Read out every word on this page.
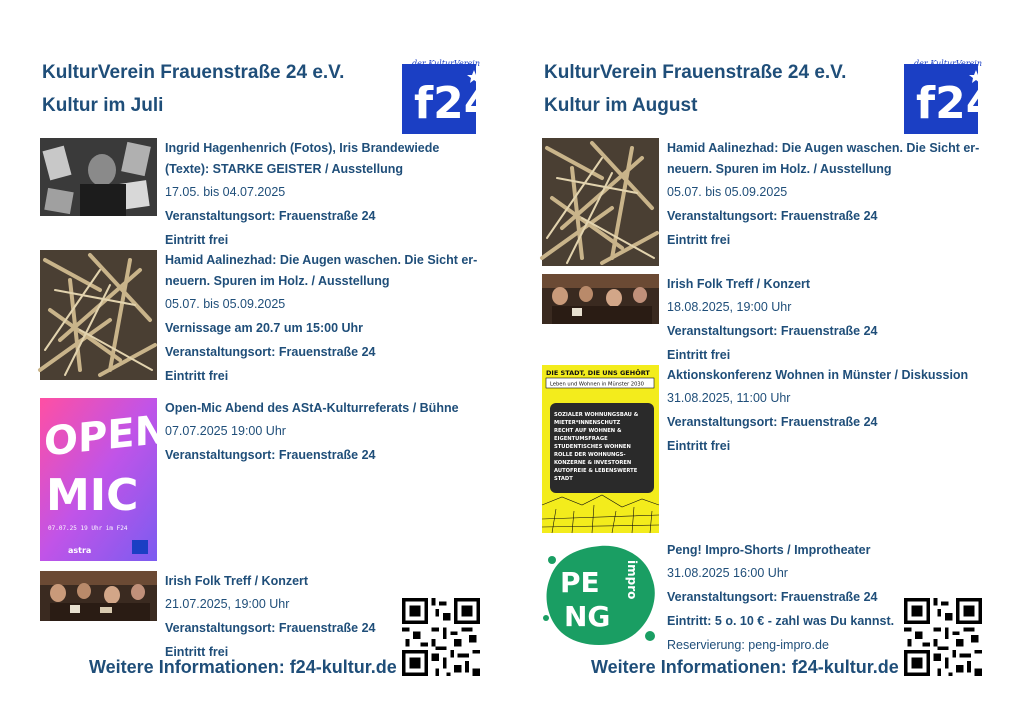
KulturVerein Frauenstraße 24 e.V.
Kultur im Juli
der KulturVerein
f24
Ingrid Hagenhenrich (Fotos), Iris Brandewiede (Texte): STARKE GEISTER / Ausstellung
17.05. bis 04.07.2025
Veranstaltungsort: Frauenstraße 24
Eintritt frei
Hamid Aalinezhad: Die Augen waschen. Die Sicht er-neuern. Spuren im Holz. / Ausstellung
05.07. bis 05.09.2025
Vernissage am 20.7 um 15:00 Uhr
Veranstaltungsort: Frauenstraße 24
Eintritt frei
OPEN
MIC
07.07.25 19 Uhr im F24
astra
Open-Mic Abend des AStA-Kulturreferats / Bühne
07.07.2025 19:00 Uhr
Veranstaltungsort: Frauenstraße 24
Irish Folk Treff / Konzert
21.07.2025, 19:00 Uhr
Veranstaltungsort: Frauenstraße 24
Eintritt frei
Weitere Informationen: f24-kultur.de
KulturVerein Frauenstraße 24 e.V.
Kultur im August
der KulturVerein
f24
Hamid Aalinezhad: Die Augen waschen. Die Sicht er-neuern. Spuren im Holz. / Ausstellung
05.07. bis 05.09.2025
Veranstaltungsort: Frauenstraße 24
Eintritt frei
Irish Folk Treff / Konzert
18.08.2025, 19:00 Uhr
Veranstaltungsort: Frauenstraße 24
Eintritt frei
DIE STADT, DIE UNS GEHÖRT
Leben und Wohnen in Münster 2030
SOZIALER WOHNUNGSBAU &
MIETER*INNENSCHUTZ
RECHT AUF WOHNEN &
EIGENTUMSFRAGE
STUDENTISCHES WOHNEN
ROLLE DER WOHNUNGS-
KONZERNE & INVESTOREN
AUTOFREIE & LEBENSWERTE
STADT
Aktionskonferenz Wohnen in Münster / Diskussion
31.08.2025, 11:00 Uhr
Veranstaltungsort: Frauenstraße 24
Eintritt frei
PE
NG
impro
Peng! Impro-Shorts / Improtheater
31.08.2025 16:00 Uhr
Veranstaltungsort: Frauenstraße 24
Eintritt: 5 o. 10 € - zahl was Du kannst.
Reservierung: peng-impro.de
Weitere Informationen: f24-kultur.de
